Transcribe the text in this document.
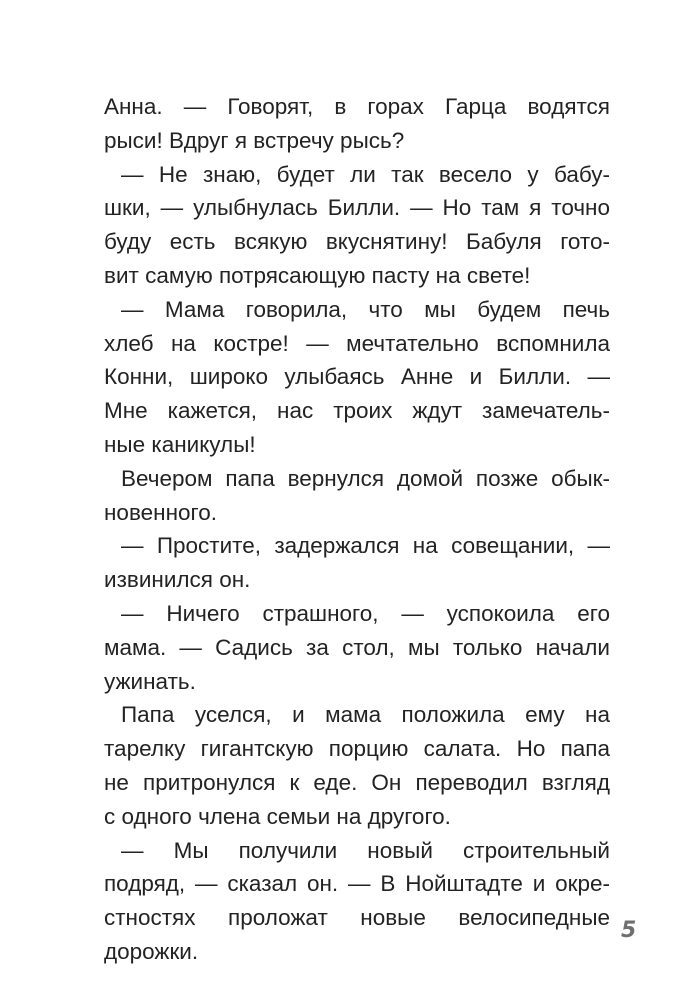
Анна. — Говорят, в горах Гарца водятся
рыси! Вдруг я встречу рысь?
— Не знаю, будет ли так весело у бабу-
шки, — улыбнулась Билли. — Но там я точно
буду есть всякую вкуснятину! Бабуля гото-
вит самую потрясающую пасту на свете!
— Мама говорила, что мы будем печь
хлеб на костре! — мечтательно вспомнила
Конни, широко улыбаясь Анне и Билли. —
Мне кажется, нас троих ждут замечатель-
ные каникулы!
Вечером папа вернулся домой позже обык-
новенного.
— Простите, задержался на совещании, —
извинился он.
— Ничего страшного, — успокоила его
мама. — Садись за стол, мы только начали
ужинать.
Папа уселся, и мама положила ему на
тарелку гигантскую порцию салата. Но папа
не притронулся к еде. Он переводил взгляд
с одного члена семьи на другого.
— Мы получили новый строительный
подряд, — сказал он. — В Нойштадте и окре-
стностях проложат новые велосипедные
дорожки.
5
